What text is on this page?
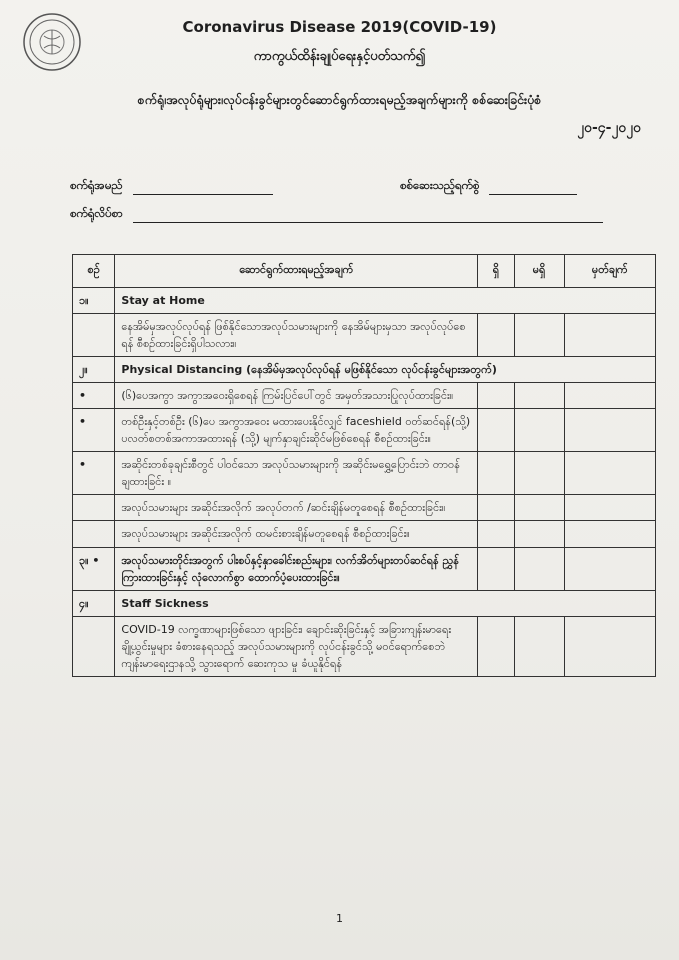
Coronavirus Disease 2019(COVID-19)
ကာကွယ်ထိန်းချုပ်ရေးနှင့်ပတ်သက်၍
စက်ရုံ၊အလုပ်ရုံများ၊လုပ်ငန်းခွင်များတွင်ဆောင်ရွက်ထားရမည့်အချက်များကို စစ်ဆေးခြင်းပုံစံ
၂၀-၄-၂၀၂၀
စက်ရုံအမည်	စစ်ဆေးသည့်ရက်စွဲ
စက်ရုံလိပ်စာ
စဉ်	ဆောင်ရွက်ထားရမည့်အချက်	ရှိ	မရှိ	မှတ်ချက်
၁။	Stay at Home			
	နေအိမ်မှအလုပ်လုပ်ရန် ဖြစ်နိုင်သောအလုပ်သမားများကို နေအိမ်များမှသာ အလုပ်လုပ်စေရန် စီစဉ်ထားခြင်းရှိပါသလား။			
၂။	Physical Distancing (နေအိမ်မှအလုပ်လုပ်ရန် မဖြစ်နိုင်သော လုပ်ငန်းခွင်များအတွက်)			
•	(၆)ပေအကွာ အကွာအဝေးရှိစေရန် ကြမ်းပြင်ပေါ်တွင် အမှတ်အသားပြုလုပ်ထားခြင်း။			
•	တစ်ဦးနှင့်တစ်ဦး (၆)ပေ အကွာအဝေး မထားပေးနိုင်လျှင် faceshield ဝတ်ဆင်ရန်(သို့) ပလတ်စတစ်အကာအထားရန် (သို့) မျက်နှာချင်းဆိုင်မဖြစ်စေရန် စီစဉ်ထားခြင်း။			
•	အဆိုင်းတစ်ခုချင်းစီတွင် ပါဝင်သော အလုပ်သမားများကို အဆိုင်းမရွှေ့ပြောင်းဘဲ တာဝန်ချထားခြင်း ။			
	အလုပ်သမားများ အဆိုင်းအလိုက် အလုပ်တက် /ဆင်းချိန်မတူစေရန် စီစဉ်ထားခြင်း။			
	အလုပ်သမားများ အဆိုင်းအလိုက် ထမင်းစားချိန်မတူစေရန် စီစဉ်ထားခြင်း။			
၃။ •	အလုပ်သမားတိုင်းအတွက် ပါးစပ်နှင့်နှာခေါင်းစည်းများ၊ လက်အိတ်များတပ်ဆင်ရန် ညွှန်ကြားထားခြင်းနှင့် လုံလောက်စွာ ထောက်ပံ့ပေးထားခြင်း။			
၄။	Staff Sickness			
	COVID-19 လက္ခဏာများဖြစ်သော ဖျားခြင်း၊ ချောင်းဆိုးခြင်းနှင့် အခြားကျန်းမာရေးချို့ယွင်းမှုများ ခံစားနေရသည့် အလုပ်သမားများကို လုပ်ငန်းခွင်သို့ မဝင်ရောက်စေဘဲ ကျန်းမာရေးဌာနသို့ သွားရောက် ဆေးကုသ မှု ခံယူနိုင်ရန်			
1
